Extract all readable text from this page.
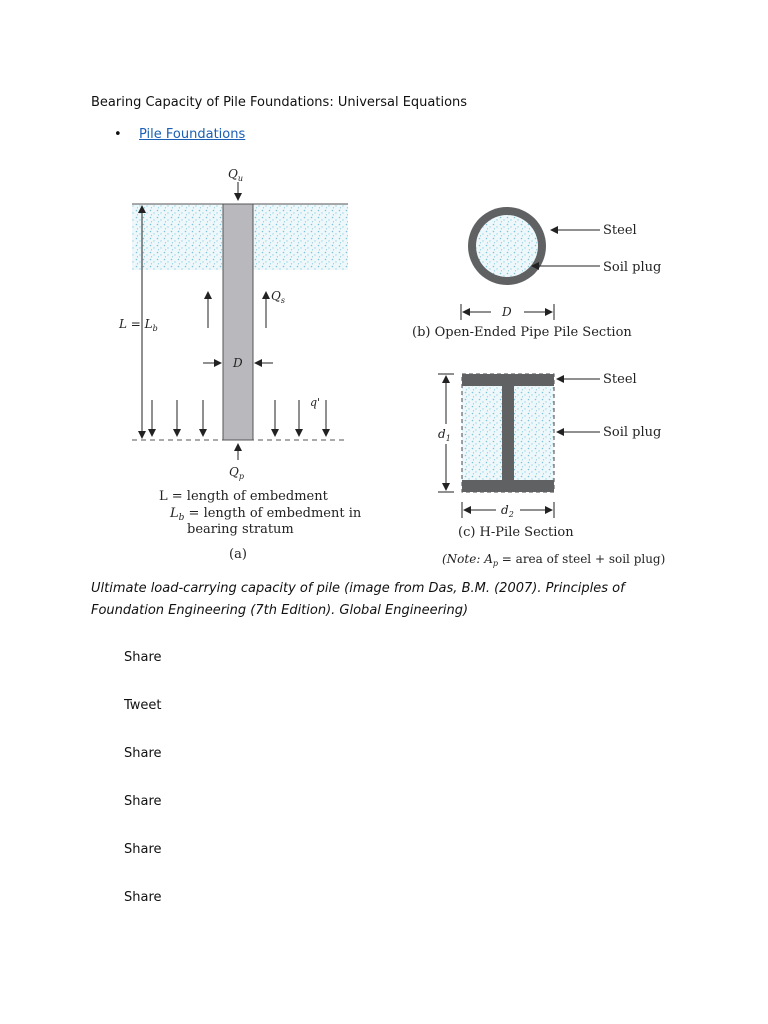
Bearing Capacity of Pile Foundations: Universal Equations
• Pile Foundations
$Q_u$
$Q_p$
$Q_s$
$L = L_b$
D
q'
L = length of embedment
$L_b$ = length of embedment in
bearing stratum
(a)
Steel
Soil plug
D
(b) Open-Ended Pipe Pile Section
Steel
Soil plug
$d_1$
$d_2$
(c) H-Pile Section
(Note: $A_p$ = area of steel + soil plug)
Ultimate load-carrying capacity of pile (image from Das, B.M. (2007). Principles of Foundation Engineering (7th Edition). Global Engineering)
Share
Tweet
Share
Share
Share
Share
